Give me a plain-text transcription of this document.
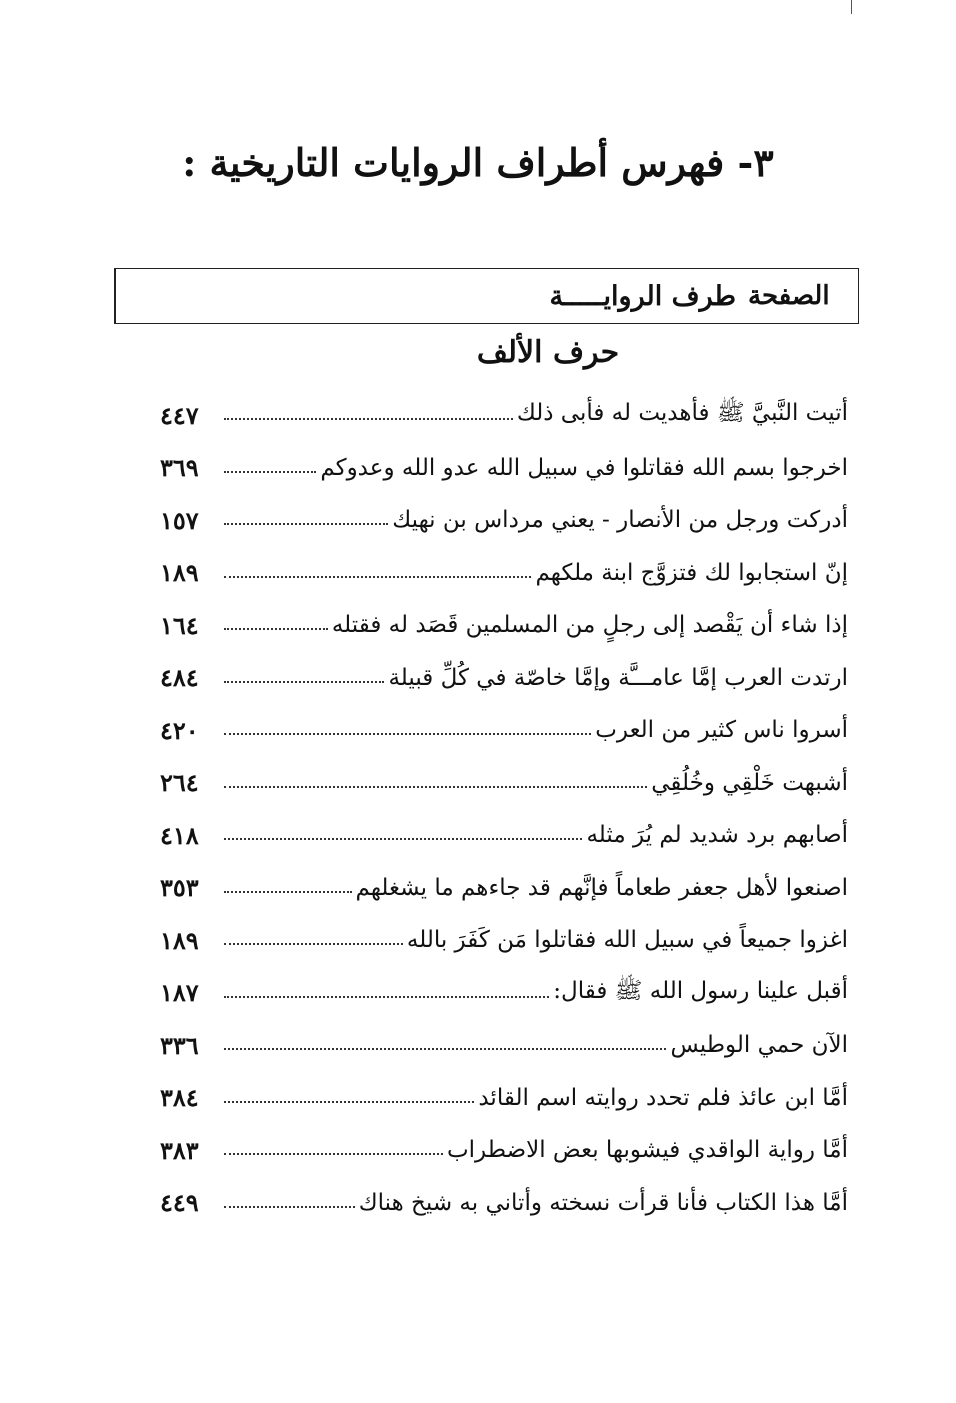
٣- فهرس أطراف الروايات التاريخية :
طرف الروايـــــة الصفحة
حرف الألف
٤٤٧	أتيت النَّبيَّ ﷺ فأهديت له فأبى ذلك
٣٦٩	اخرجوا بسم الله فقاتلوا في سبيل الله عدو الله وعدوكم
١٥٧	أدركت ورجل من الأنصار - يعني مرداس بن نهيك
١٨٩	إنّ استجابوا لك فتزوَّج ابنة ملكهم
١٦٤	إذا شاء أن يَقْصد إلى رجلٍ من المسلمين قَصَد له فقتله
٤٨٤	ارتدت العرب إمَّا عامـــَّة وإمَّا خاصّة في كُلِّ قبيلة
٤٢٠	أسروا ناس كثير من العرب
٢٦٤	أشبهت خَلْقِي وخُلُقِي
٤١٨	أصابهم برد شديد لم يُرَ مثله
٣٥٣	اصنعوا لأهل جعفر طعاماً فإنَّهم قد جاءهم ما يشغلهم
١٨٩	اغزوا جميعاً في سبيل الله فقاتلوا مَن كَفَرَ بالله
١٨٧	أقبل علينا رسول الله ﷺ فقال:
٣٣٦	الآن حمي الوطيس
٣٨٤	أمَّا ابن عائذ فلم تحدد روايته اسم القائد
٣٨٣	أمَّا رواية الواقدي فيشوبها بعض الاضطراب
٤٤٩	أمَّا هذا الكتاب فأنا قرأت نسخته وأتاني به شيخ هناك
